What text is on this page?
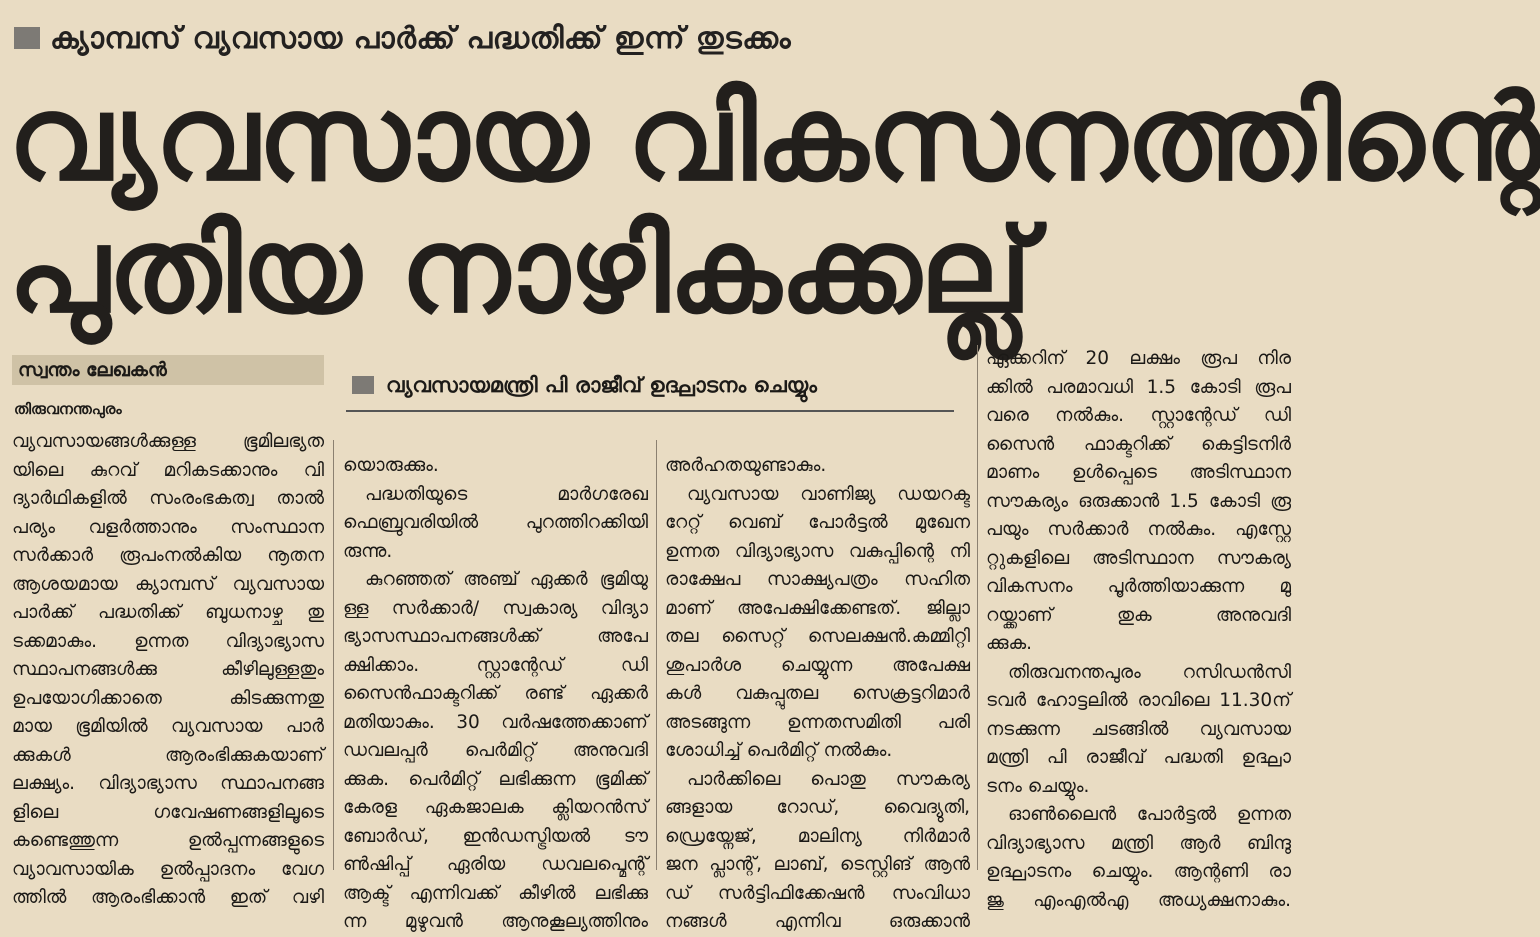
ക്യാമ്പസ് വ്യവസായ പാർക്ക് പദ്ധതിക്ക് ഇന്ന് തുടക്കം
വ്യവസായ വികസനത്തിന്റെ
പുതിയ നാഴികക്കല്ല്
സ്വന്തം ലേഖകൻ
തിരുവനന്തപുരം
വ്യവസായമന്ത്രി പി രാജീവ് ഉദ്ഘാടനം ചെയ്യും

വ്യവസായങ്ങൾക്കുള്ള ഭൂമിലഭ്യത

യിലെ കുറവ് മറികടക്കാനും വി

ദ്യാർഥികളിൽ സംരംഭകത്വ താൽ

പര്യം വളർത്താനും സംസ്ഥാന

സർക്കാർ രൂപംനൽകിയ നൂതന

ആശയമായ ക്യാമ്പസ് വ്യവസായ

പാർക്ക് പദ്ധതിക്ക് ബുധനാഴ്ച തു

ടക്കമാകും. ഉന്നത വിദ്യാഭ്യാസ

സ്ഥാപനങ്ങൾക്കു കീഴിലുള്ളതും

ഉപയോഗിക്കാതെ കിടക്കുന്നതു

മായ ഭൂമിയിൽ വ്യവസായ പാർ

ക്കുകൾ ആരംഭിക്കുകയാണ്

ലക്ഷ്യം. വിദ്യാഭ്യാസ സ്ഥാപനങ്ങ

ളിലെ ഗവേഷണങ്ങളിലൂടെ

കണ്ടെത്തുന്ന ഉൽപ്പന്നങ്ങളുടെ

വ്യാവസായിക ഉൽപ്പാദനം വേഗ

ത്തിൽ ആരംഭിക്കാൻ ഇത് വഴി

യൊരുക്കും.

പദ്ധതിയുടെ മാർഗരേഖ

ഫെബ്രുവരിയിൽ പുറത്തിറക്കിയി

രുന്നു.

കുറഞ്ഞത് അഞ്ച് ഏക്കർ ഭൂമിയു

ള്ള സർക്കാർ/ സ്വകാര്യ വിദ്യാ

ഭ്യാസസ്ഥാപനങ്ങൾക്ക് അപേ

ക്ഷിക്കാം. സ്റ്റാന്റേഡ് ഡി

സൈൻഫാക്ടറിക്ക് രണ്ട് ഏക്കർ

മതിയാകും. 30 വർഷത്തേക്കാണ്

ഡവലപ്പർ പെർമിറ്റ് അനുവദി

ക്കുക. പെർമിറ്റ് ലഭിക്കുന്ന ഭൂമിക്ക്

കേരള ഏകജാലക ക്ലിയറൻസ്

ബോർഡ്, ഇൻഡസ്ട്രിയൽ ടൗ

ൺഷിപ്പ് ഏരിയ ഡവലപ്മെന്റ്

ആക്ട് എന്നിവക്ക് കീഴിൽ ലഭിക്കു

ന്ന മുഴുവൻ ആനുകൂല്യത്തിനും

അർഹതയുണ്ടാകും.

വ്യവസായ വാണിജ്യ ഡയറക്ട

റേറ്റ് വെബ് പോർട്ടൽ മുഖേന

ഉന്നത വിദ്യാഭ്യാസ വകുപ്പിന്റെ നി

രാക്ഷേപ സാക്ഷ്യപത്രം സഹിത

മാണ് അപേക്ഷിക്കേണ്ടത്. ജില്ലാ

തല സൈറ്റ് സെലക്ഷൻ.കമ്മിറ്റി

ശുപാർശ ചെയ്യുന്ന അപേക്ഷ

കൾ വകുപ്പുതല സെക്രട്ടറിമാർ

അടങ്ങുന്ന ഉന്നതസമിതി പരി

ശോധിച്ച് പെർമിറ്റ് നൽകും.

പാർക്കിലെ പൊതു സൗകര്യ

ങ്ങളായ റോഡ്, വൈദ്യുതി,

ഡ്രെയ്നേജ്, മാലിന്യ നിർമാർ

ജന പ്ലാന്റ്, ലാബ്, ടെസ്റ്റിങ് ആൻ

ഡ് സർട്ടിഫിക്കേഷൻ സംവിധാ

നങ്ങൾ എന്നിവ ഒരുക്കാൻ

ഏക്കറിന് 20 ലക്ഷം രൂപ നിര

ക്കിൽ പരമാവധി 1.5 കോടി രൂപ

വരെ നൽകും. സ്റ്റാന്റേഡ് ഡി

സൈൻ ഫാക്ടറിക്ക് കെട്ടിടനിർ

മാണം ഉൾപ്പെടെ അടിസ്ഥാന

സൗകര്യം ഒരുക്കാൻ 1.5 കോടി രൂ

പയും സർക്കാർ നൽകും. എസ്റ്റേ

റ്റുകളിലെ അടിസ്ഥാന സൗകര്യ

വികസനം പൂർത്തിയാക്കുന്ന മു

റയ്ക്കാണ് തുക അനുവദി

ക്കുക.

തിരുവനന്തപുരം റസിഡൻസി

ടവർ ഹോട്ടലിൽ രാവിലെ 11.30ന്

നടക്കുന്ന ചടങ്ങിൽ വ്യവസായ

മന്ത്രി പി രാജീവ് പദ്ധതി ഉദ്ഘാ

ടനം ചെയ്യും.

ഓൺലൈൻ പോർട്ടൽ ഉന്നത

വിദ്യാഭ്യാസ മന്ത്രി ആർ ബിന്ദു

ഉദ്ഘാടനം ചെയ്യും. ആന്റണി രാ

ജു എംഎൽഎ അധ്യക്ഷനാകും.
